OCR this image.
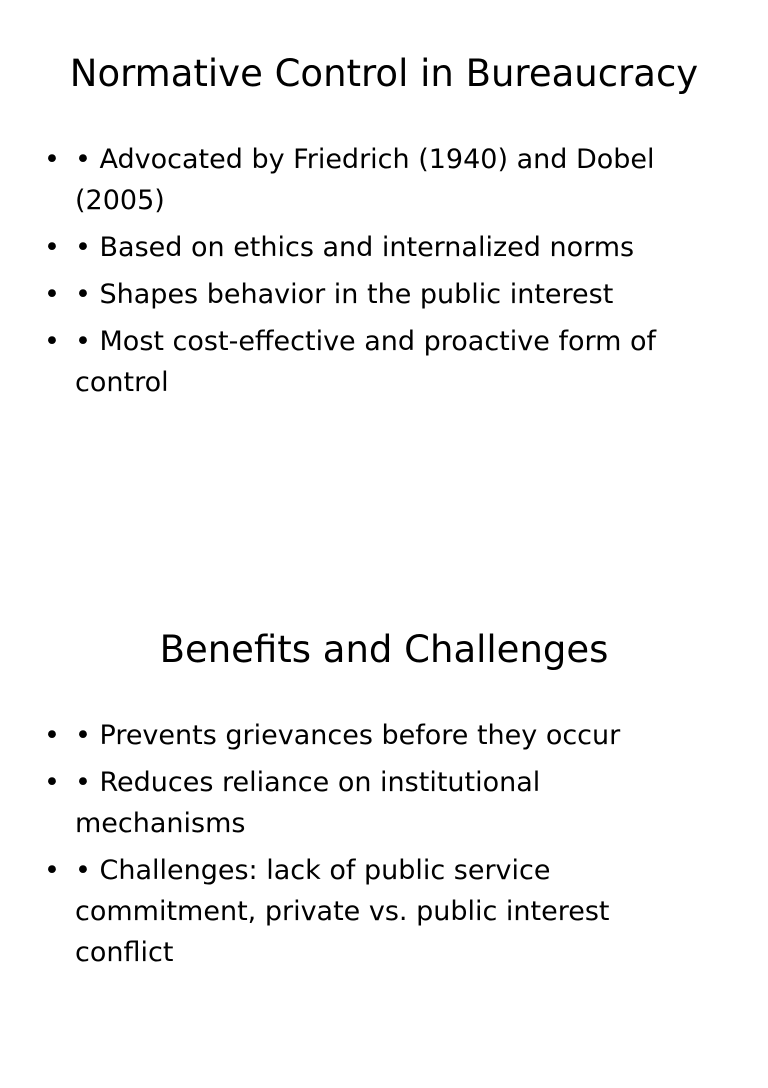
Normative Control in Bureaucracy
• • Advocated by Friedrich (1940) and Dobel (2005)
• • Based on ethics and internalized norms
• • Shapes behavior in the public interest
• • Most cost-effective and proactive form of control
Benefits and Challenges
• • Prevents grievances before they occur
• • Reduces reliance on institutional mechanisms
• • Challenges: lack of public service commitment, private vs. public interest conflict
